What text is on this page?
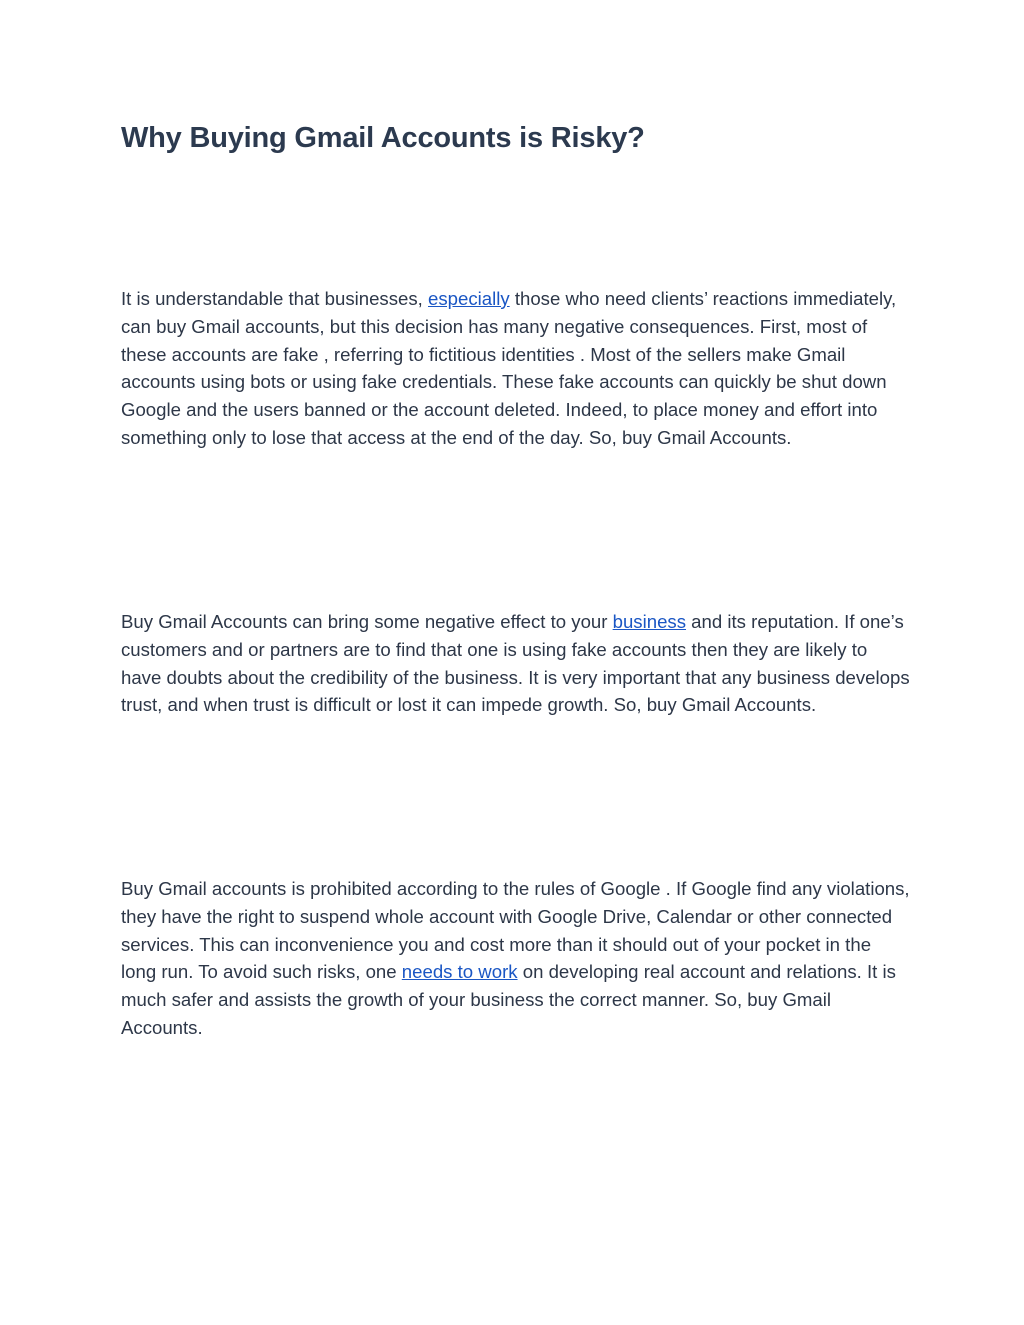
Why Buying Gmail Accounts is Risky?

It is understandable that businesses, especially those who need clients’ reactions immediately, can buy Gmail accounts, but this decision has many negative consequences. First, most of these accounts are fake , referring to fictitious identities . Most of the sellers make Gmail accounts using bots or using fake credentials. These fake accounts can quickly be shut down Google and the users banned or the account deleted. Indeed, to place money and effort into something only to lose that access at the end of the day. So, buy Gmail Accounts.

Buy Gmail Accounts can bring some negative effect to your business and its reputation. If one’s customers and or partners are to find that one is using fake accounts then they are likely to have doubts about the credibility of the business. It is very important that any business develops trust, and when trust is difficult or lost it can impede growth. So, buy Gmail Accounts.

Buy Gmail accounts is prohibited according to the rules of Google . If Google find any violations, they have the right to suspend whole account with Google Drive, Calendar or other connected services. This can inconvenience you and cost more than it should out of your pocket in the long run. To avoid such risks, one needs to work on developing real account and relations. It is much safer and assists the growth of your business the correct manner. So, buy Gmail Accounts.
